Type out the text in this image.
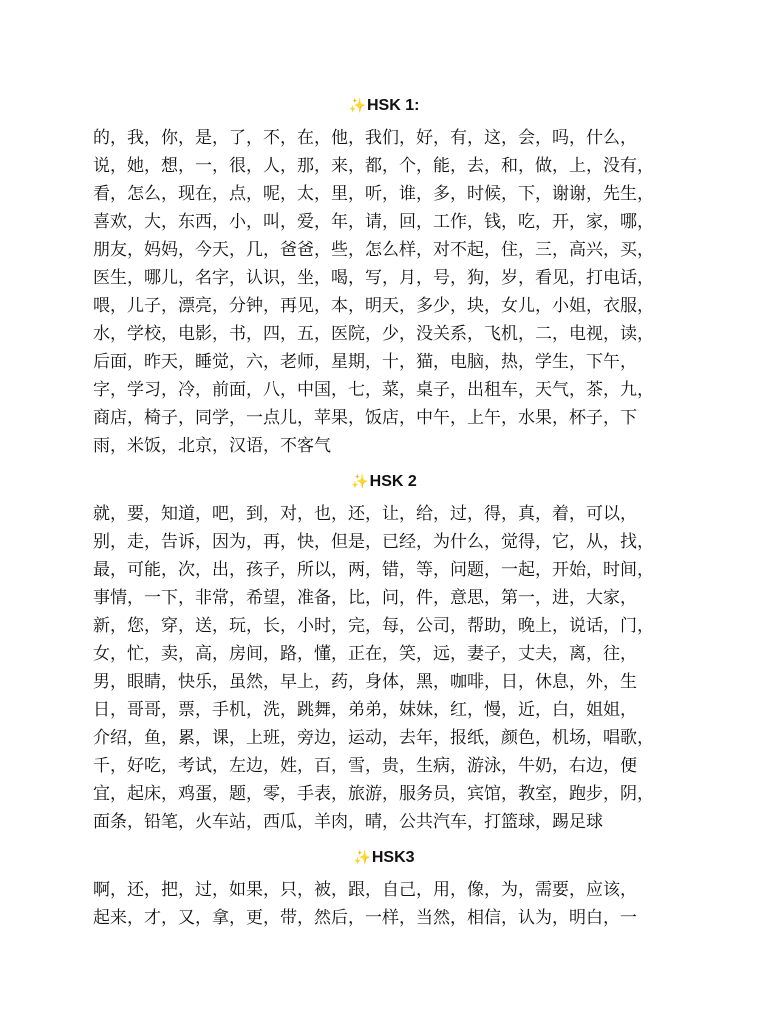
✨HSK 1:
的，我，你，是，了，不，在，他，我们，好，有，这，会，吗，什么，
说，她，想，一，很，人，那，来，都，个，能，去，和，做，上，没有，
看，怎么，现在，点，呢，太，里，听，谁，多，时候，下，谢谢，先生，
喜欢，大，东西，小，叫，爱，年，请，回，工作，钱，吃，开，家，哪，
朋友，妈妈，今天，几，爸爸，些，怎么样，对不起，住，三，高兴，买，
医生，哪儿，名字，认识，坐，喝，写，月，号，狗，岁，看见，打电话，
喂，儿子，漂亮，分钟，再见，本，明天，多少，块，女儿，小姐，衣服，
水，学校，电影，书，四，五，医院，少，没关系，飞机，二，电视，读，
后面，昨天，睡觉，六，老师，星期，十，猫，电脑，热，学生，下午，
字，学习，冷，前面，八，中国，七，菜，桌子，出租车，天气，茶，九，
商店，椅子，同学，一点儿，苹果，饭店，中午，上午，水果，杯子，下
雨，米饭，北京，汉语，不客气
✨HSK 2
就，要，知道，吧，到，对，也，还，让，给，过，得，真，着，可以，
别，走，告诉，因为，再，快，但是，已经，为什么，觉得，它，从，找，
最，可能，次，出，孩子，所以，两，错，等，问题，一起，开始，时间，
事情，一下，非常，希望，准备，比，问，件，意思，第一，进，大家，
新，您，穿，送，玩，长，小时，完，每，公司，帮助，晚上，说话，门，
女，忙，卖，高，房间，路，懂，正在，笑，远，妻子，丈夫，离，往，
男，眼睛，快乐，虽然，早上，药，身体，黑，咖啡，日，休息，外，生
日，哥哥，票，手机，洗，跳舞，弟弟，妹妹，红，慢，近，白，姐姐，
介绍，鱼，累，课，上班，旁边，运动，去年，报纸，颜色，机场，唱歌，
千，好吃，考试，左边，姓，百，雪，贵，生病，游泳，牛奶，右边，便
宜，起床，鸡蛋，题，零，手表，旅游，服务员，宾馆，教室，跑步，阴，
面条，铅笔，火车站，西瓜，羊肉，晴，公共汽车，打篮球，踢足球
✨HSK3
啊，还，把，过，如果，只，被，跟，自己，用，像，为，需要，应该，
起来，才，又，拿，更，带，然后，一样，当然，相信，认为，明白，一
